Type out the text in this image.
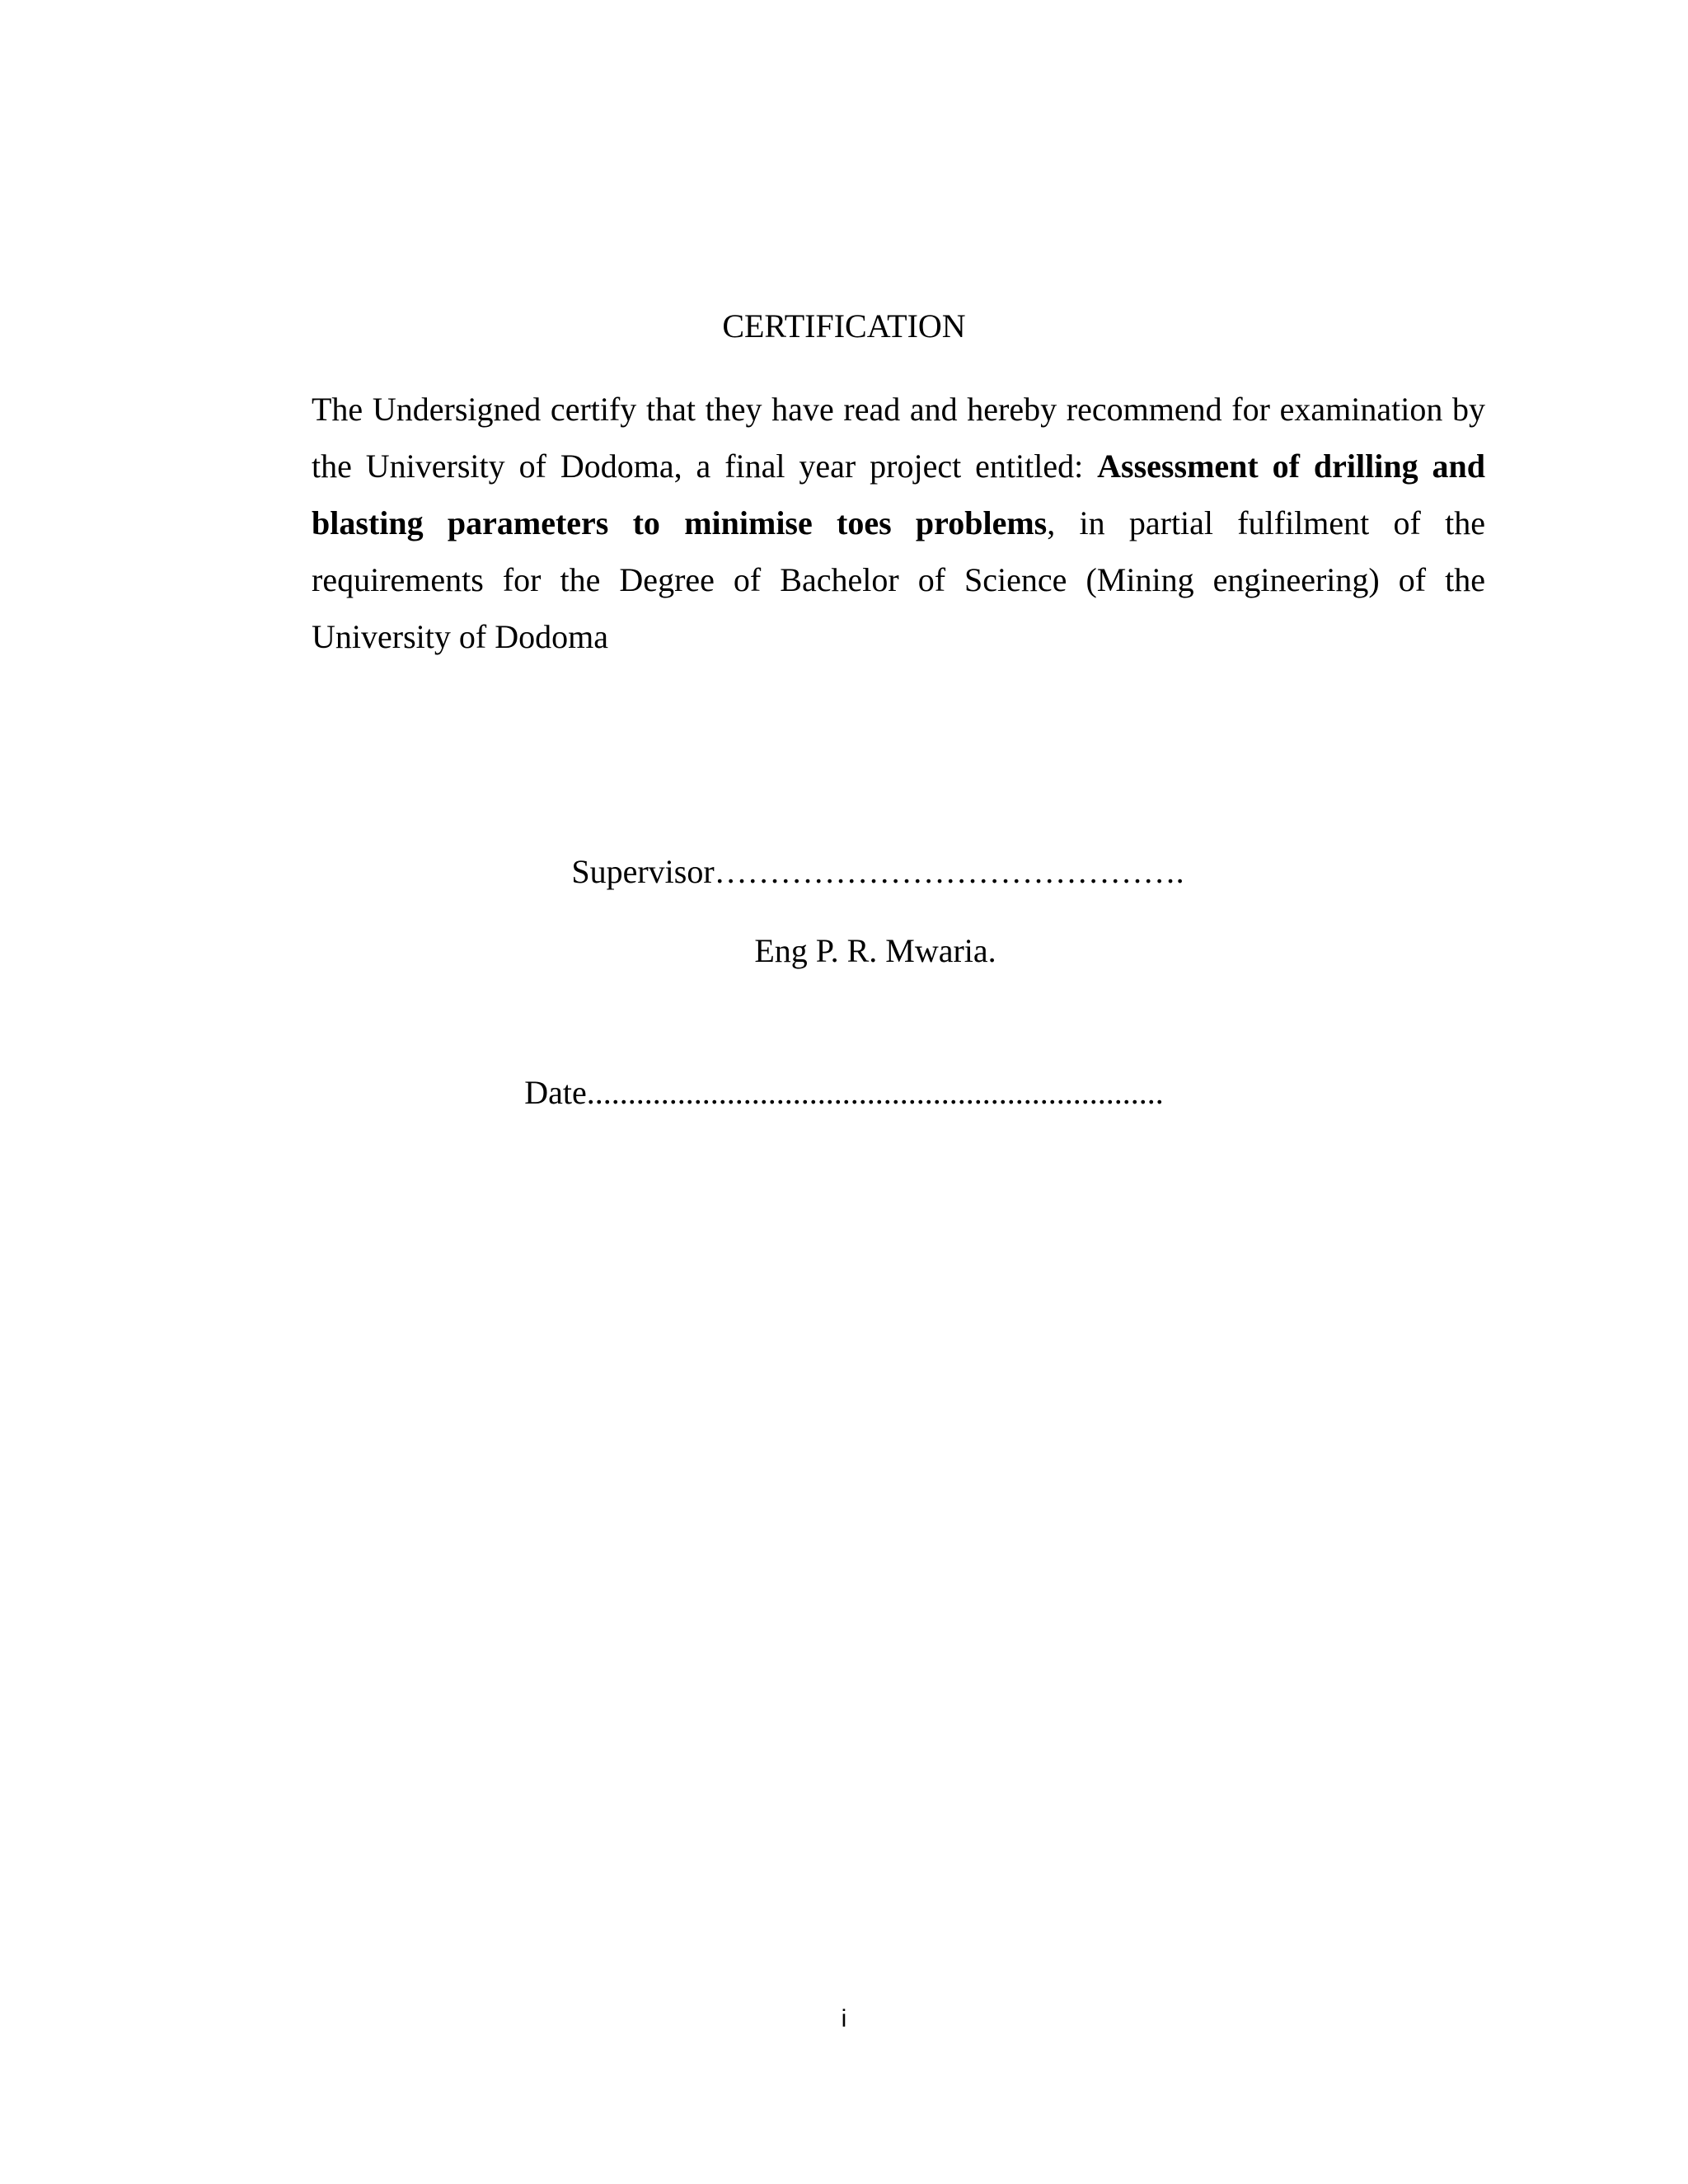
CERTIFICATION

The Undersigned certify that they have read and hereby recommend for examination by the University of Dodoma, a final year project entitled: Assessment of drilling and blasting parameters to minimise toes problems, in partial fulfilment of the requirements for the Degree of Bachelor of Science (Mining engineering) of the University of Dodoma

Supervisor…………………………………….
Eng P. R. Mwaria.
Date......................................................................
i
